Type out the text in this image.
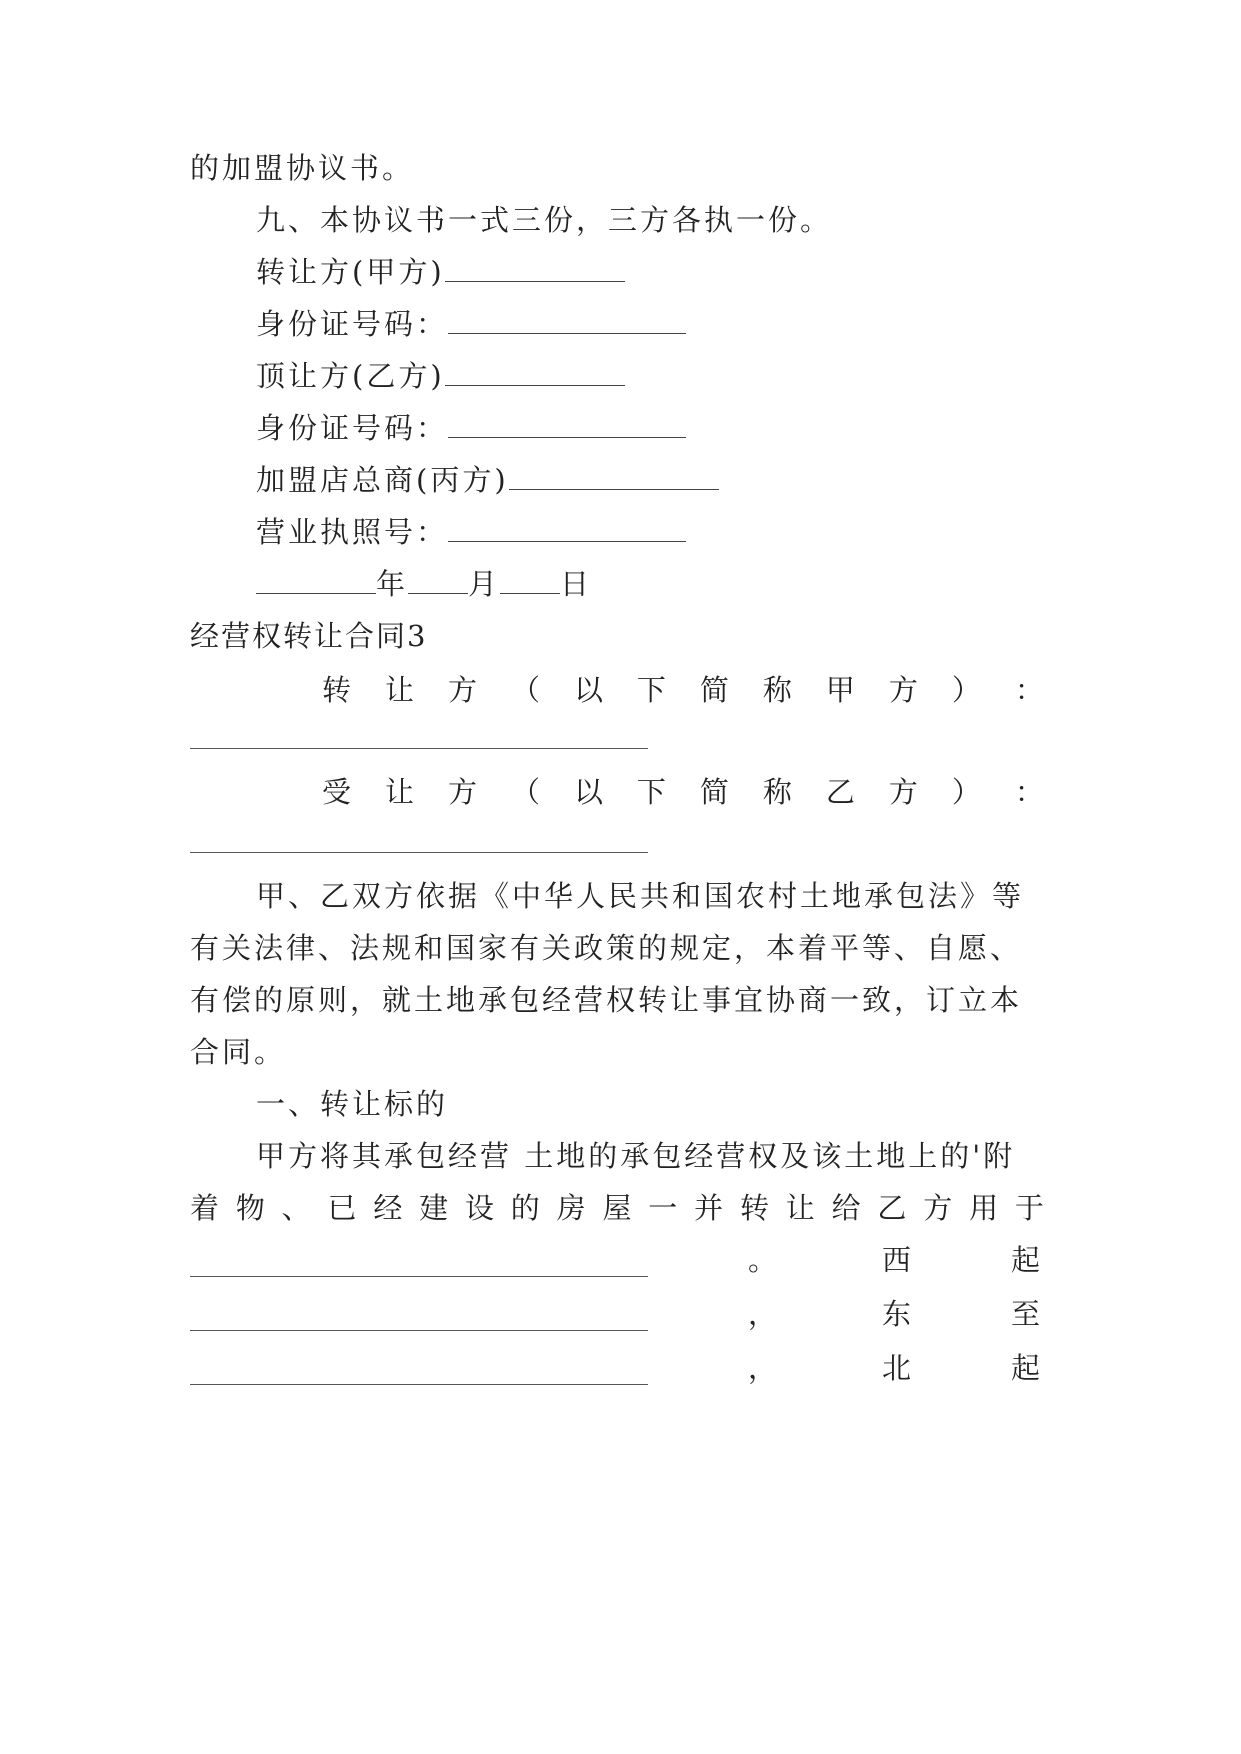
的加盟协议书。
九、本协议书一式三份，三方各执一份。
转让方(甲方)
身份证号码：
顶让方(乙方)
身份证号码：
加盟店总商(丙方)
营业执照号：
年 月 日
经营权转让合同3
转 让 方 （ 以 下 简 称 甲 方 ） ：
受 让 方 （ 以 下 简 称 乙 方 ） ：
甲、乙双方依据《中华人民共和国农村土地承包法》等
有关法律、法规和国家有关政策的规定，本着平等、自愿、
有偿的原则，就土地承包经营权转让事宜协商一致，订立本
合同。
一、转让标的
甲方将其承包经营 土地的承包经营权及该土地上的'附
着 物 、 已 经 建 设 的 房 屋 一 并 转 让 给 乙 方 用 于
。	西	起
，	东	至
，	北	起
